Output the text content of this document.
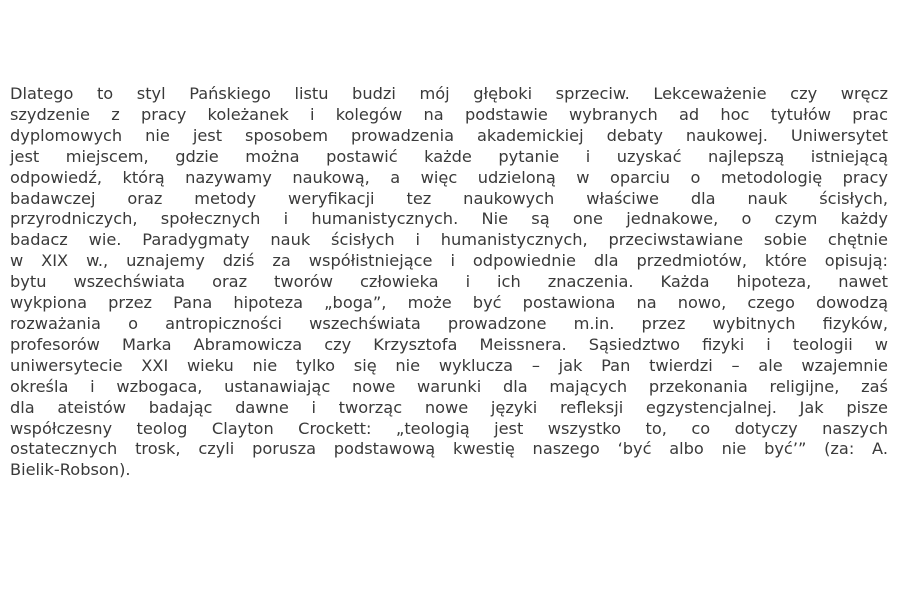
Dlatego to styl Pańskiego listu budzi mój głęboki sprzeciw. Lekceważenie czy wręcz
szydzenie z pracy koleżanek i kolegów na podstawie wybranych ad hoc tytułów prac
dyplomowych nie jest sposobem prowadzenia akademickiej debaty naukowej. Uniwersytet
jest miejscem, gdzie można postawić każde pytanie i uzyskać najlepszą istniejącą
odpowiedź, którą nazywamy naukową, a więc udzieloną w oparciu o metodologię pracy
badawczej oraz metody weryfikacji tez naukowych właściwe dla nauk ścisłych,
przyrodniczych, społecznych i humanistycznych. Nie są one jednakowe, o czym każdy
badacz wie. Paradygmaty nauk ścisłych i humanistycznych, przeciwstawiane sobie chętnie
w XIX w., uznajemy dziś za współistniejące i odpowiednie dla przedmiotów, które opisują:
bytu wszechświata oraz tworów człowieka i ich znaczenia. Każda hipoteza, nawet
wykpiona przez Pana hipoteza „boga”, może być postawiona na nowo, czego dowodzą
rozważania o antropiczności wszechświata prowadzone m.in. przez wybitnych fizyków,
profesorów Marka Abramowicza czy Krzysztofa Meissnera. Sąsiedztwo fizyki i teologii w
uniwersytecie XXI wieku nie tylko się nie wyklucza – jak Pan twierdzi – ale wzajemnie
określa i wzbogaca, ustanawiając nowe warunki dla mających przekonania religijne, zaś
dla ateistów badając dawne i tworząc nowe języki refleksji egzystencjalnej. Jak pisze
współczesny teolog Clayton Crockett: „teologią jest wszystko to, co dotyczy naszych
ostatecznych trosk, czyli porusza podstawową kwestię naszego ‘być albo nie być’” (za: A.
Bielik-Robson).
